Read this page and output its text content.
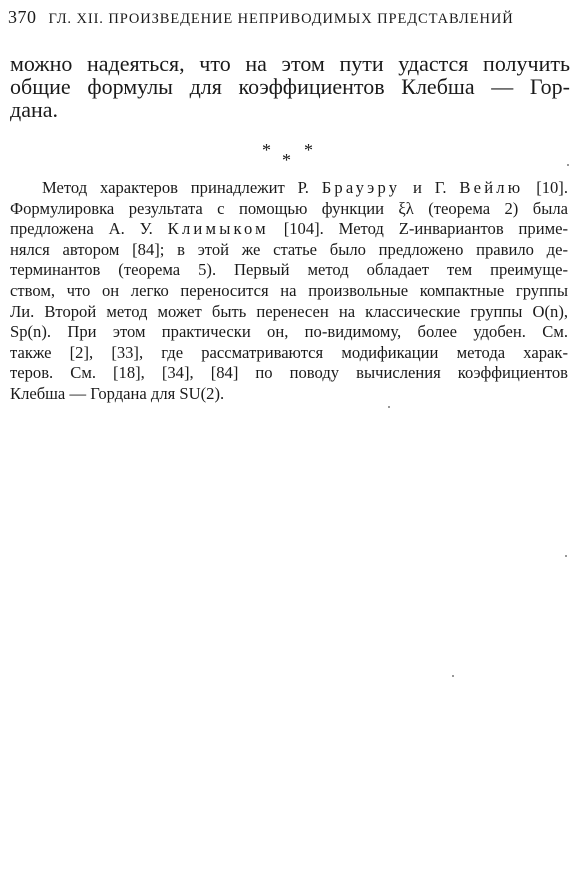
370 ГЛ. XII. ПРОИЗВЕДЕНИЕ НЕПРИВОДИМЫХ ПРЕДСТАВЛЕНИЙ

можно надеяться, что на этом пути удастся получить
общие формулы для коэффициентов Клебша — Гор-
дана.

* * *

Метод характеров принадлежит Р. Брауэру и Г. Вейлю [10].
Формулировка результата с помощью функции ξλ (теорема 2) была
предложена А. У. Климыком [104]. Метод Z-инвариантов приме-
нялся автором [84]; в этой же статье было предложено правило де-
терминантов (теорема 5). Первый метод обладает тем преимуще-
ством, что он легко переносится на произвольные компактные группы
Ли. Второй метод может быть перенесен на классические группы O(n),
Sp(n). При этом практически он, по-видимому, более удобен. См.
также [2], [33], где рассматриваются модификации метода харак-
теров. См. [18], [34], [84] по поводу вычисления коэффициентов
Клебша — Гордана для SU(2).
